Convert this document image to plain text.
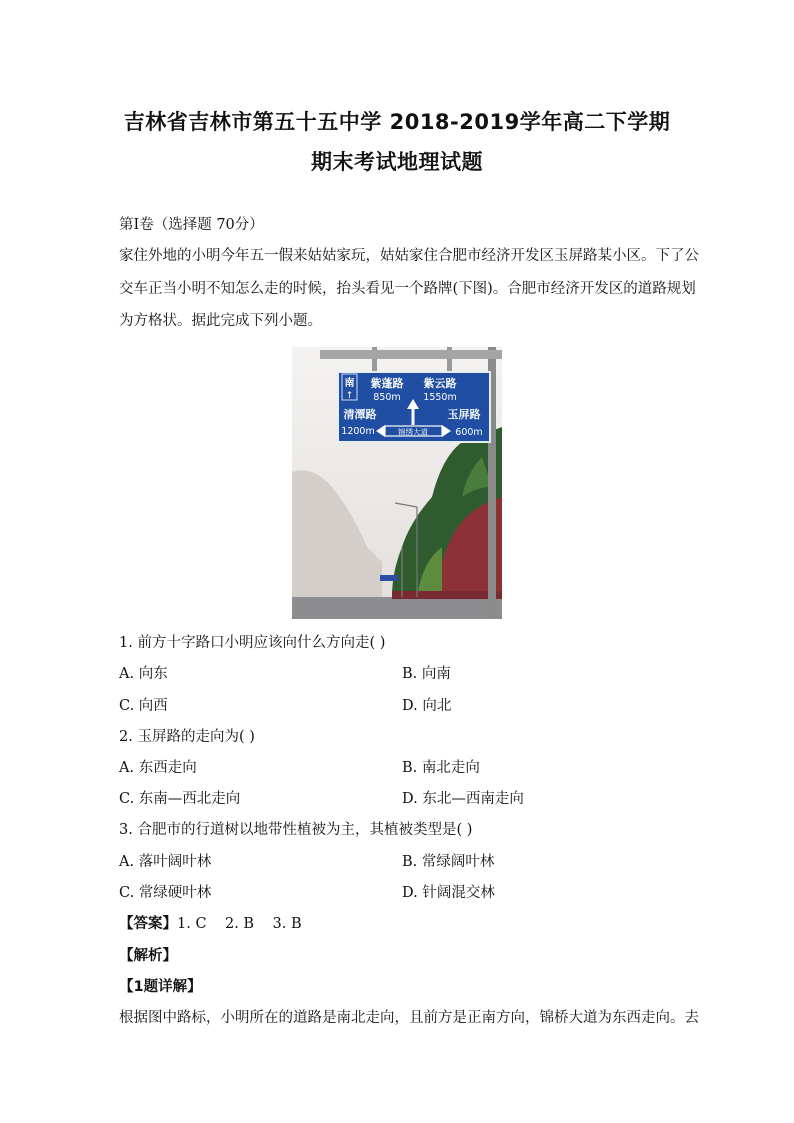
吉林省吉林市第五十五中学 2018-2019学年高二下学期
期末考试地理试题
第Ⅰ卷（选择题 70分）
家住外地的小明今年五一假来姑姑家玩，姑姑家住合肥市经济开发区玉屏路某小区。下了公
交车正当小明不知怎么走的时候，抬头看见一个路牌(下图)。合肥市经济开发区的道路规划
为方格状。据此完成下列小题。
南
↑
紫蓬路
850m
紫云路
1550m
清潭路
1200m
玉屏路
600m
锦绣大道
1. 前方十字路口小明应该向什么方向走( )
A. 向东	B. 向南
C. 向西	D. 向北
2. 玉屏路的走向为( )
A. 东西走向	B. 南北走向
C. 东南—西北走向	D. 东北—西南走向
3. 合肥市的行道树以地带性植被为主，其植被类型是( )
A. 落叶阔叶林	B. 常绿阔叶林
C. 常绿硬叶林	D. 针阔混交林
【答案】1. C    2. B    3. B
【解析】
【1题详解】
根据图中路标，小明所在的道路是南北走向，且前方是正南方向，锦桥大道为东西走向。去
